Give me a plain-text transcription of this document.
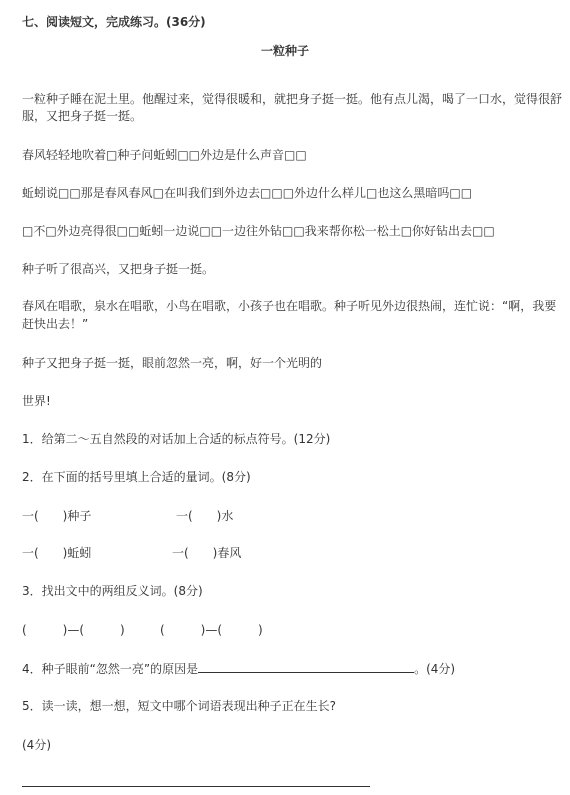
七、阅读短文，完成练习。(36分)
一粒种子
一粒种子睡在泥土里。他醒过来，觉得很暖和，就把身子挺一挺。他有点儿渴，喝了一口水，觉得很舒
服，又把身子挺一挺。
春风轻轻地吹着□种子问蚯蚓□□外边是什么声音□□
蚯蚓说□□那是春风春风□在叫我们到外边去□□□外边什么样儿□也这么黑暗吗□□
□不□外边亮得很□□蚯蚓一边说□□一边往外钻□□我来帮你松一松土□你好钻出去□□
种子听了很高兴，又把身子挺一挺。
春风在唱歌，泉水在唱歌，小鸟在唱歌，小孩子也在唱歌。种子听见外边很热闹，连忙说：“啊，我要
赶快出去！”
种子又把身子挺一挺，眼前忽然一亮，啊，好一个光明的
世界!
1．给第二～五自然段的对话加上合适的标点符号。(12分)
2．在下面的括号里填上合适的量词。(8分)
一(　　)种子	一(　　)水
一(　　)蚯蚓	一(　　)春风
3．找出文中的两组反义词。(8分)
(　　　)—(　　　)	(　　　)—(　　　)
4．种子眼前“忽然一亮”的原因是	。(4分)
5．读一读，想一想，短文中哪个词语表现出种子正在生长?
(4分)
